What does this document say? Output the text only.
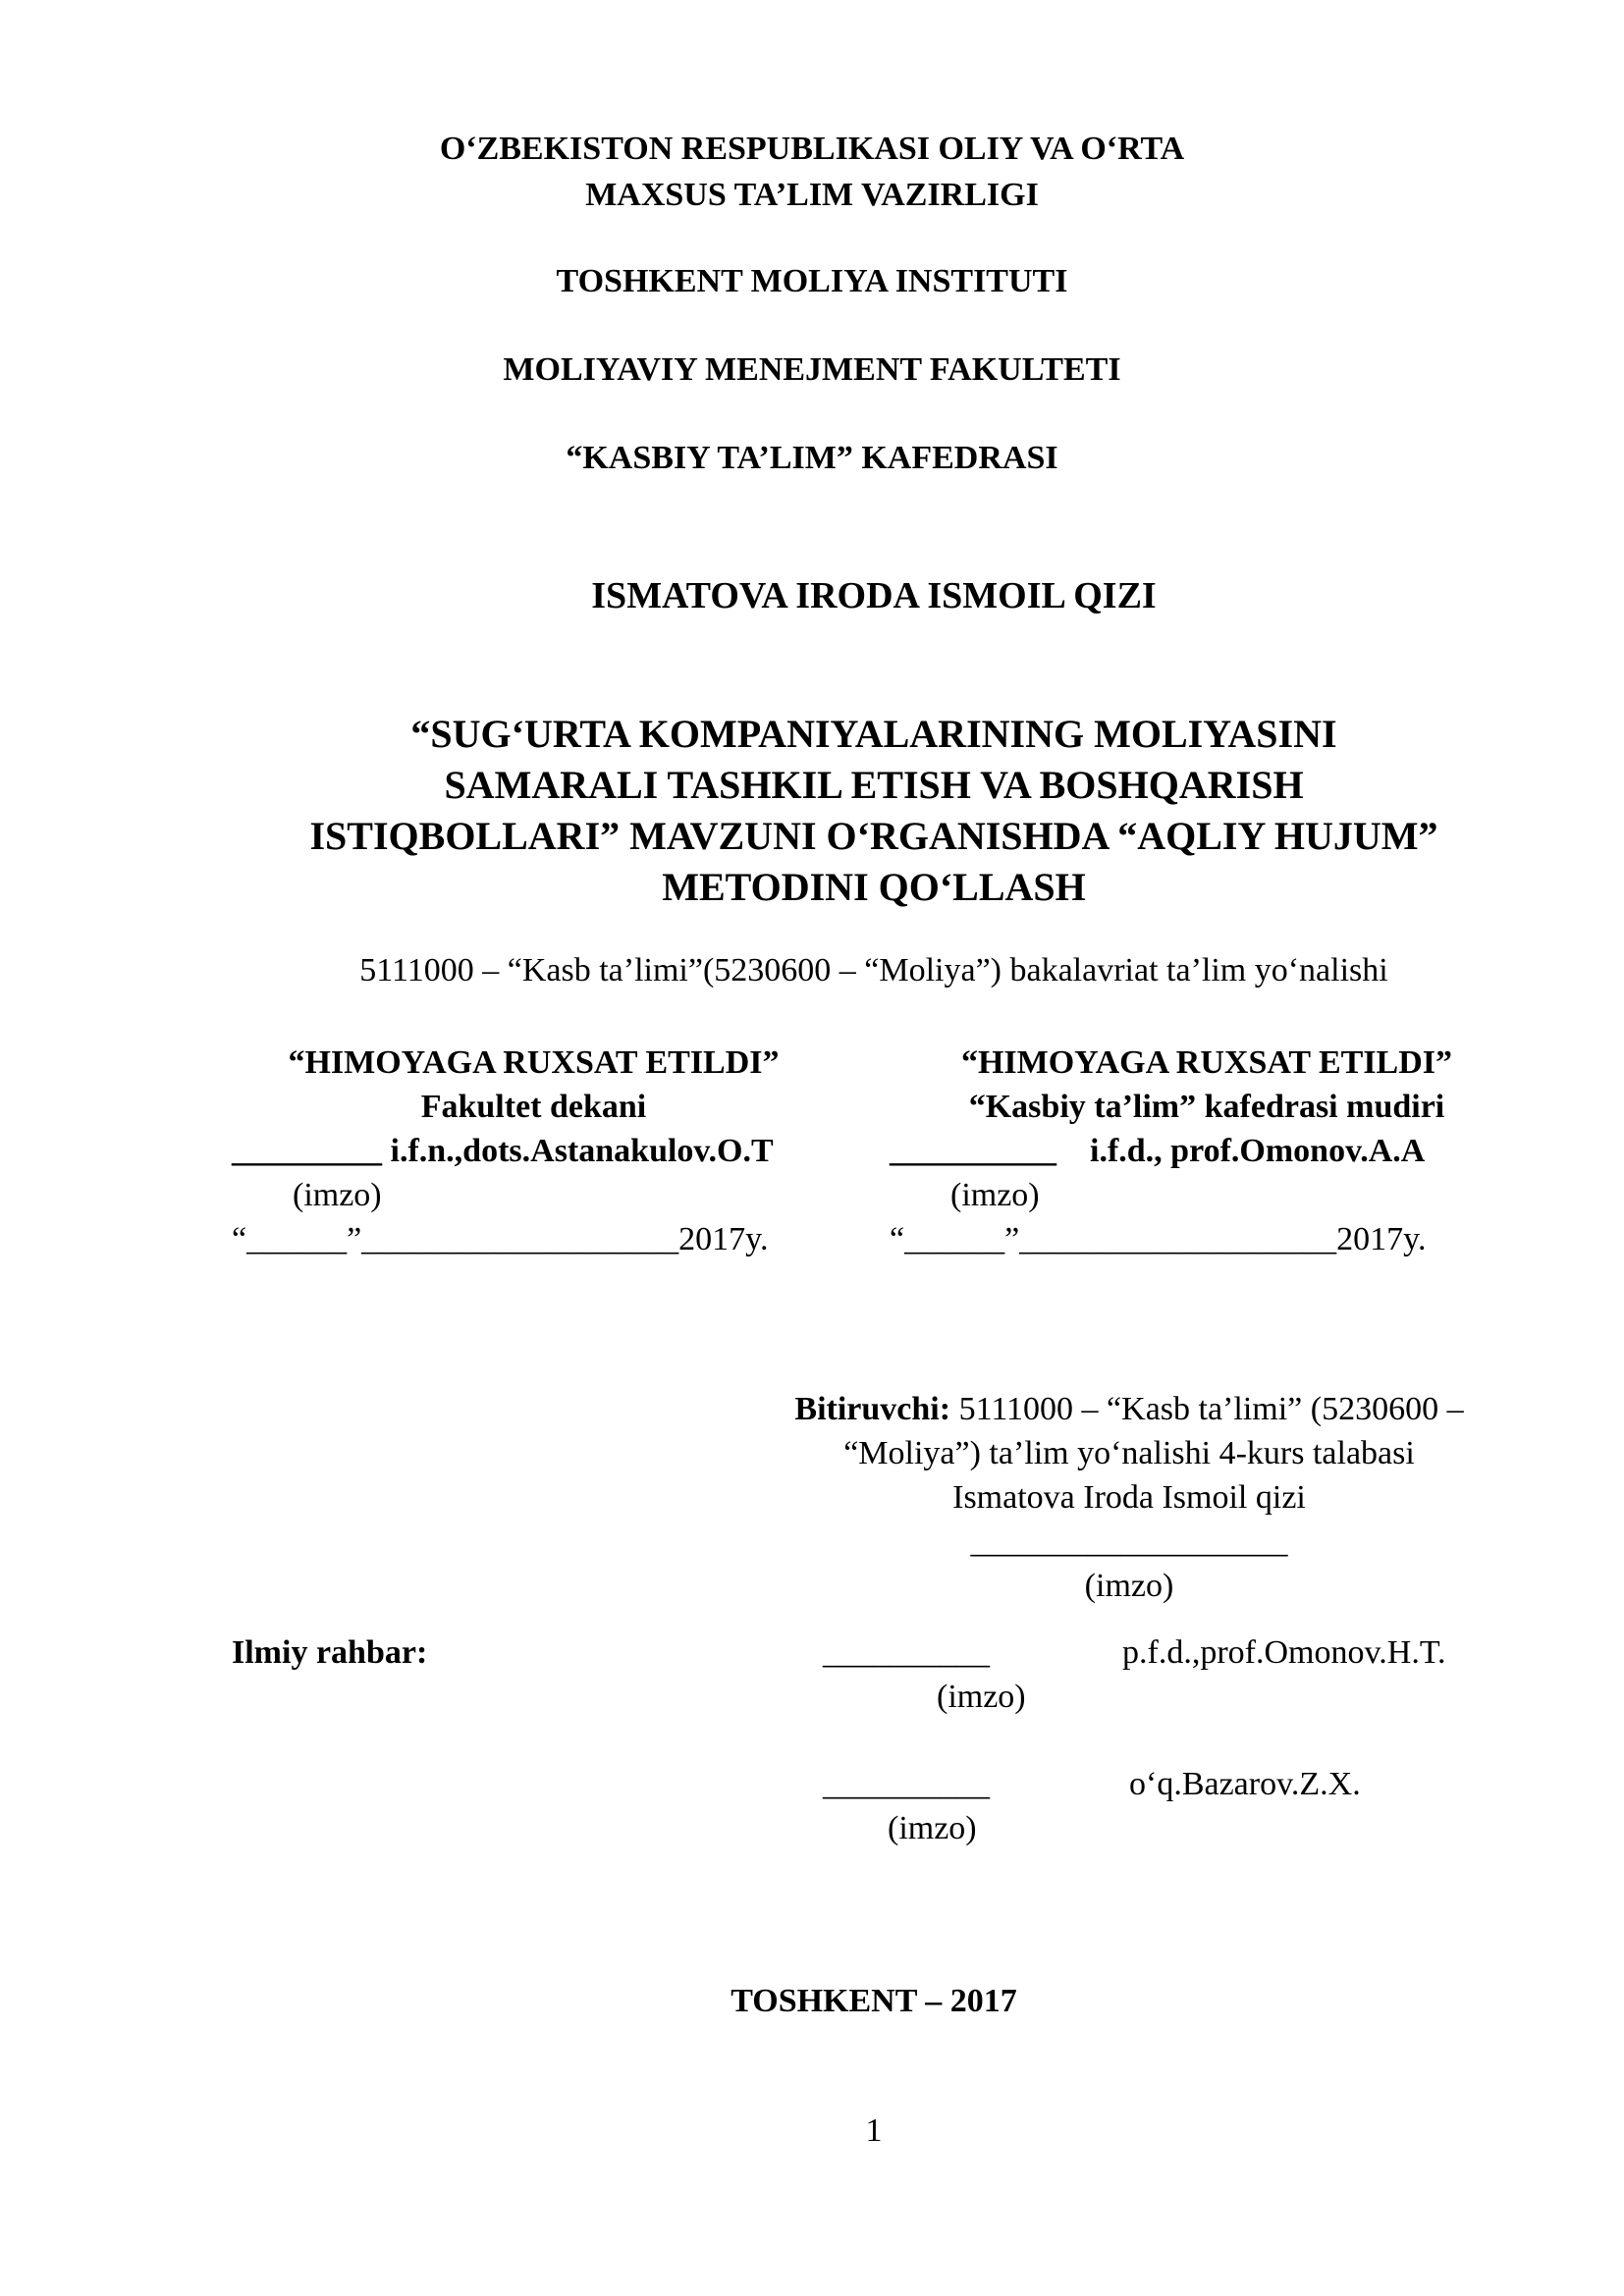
O‘ZBEKISTON RESPUBLIKASI OLIY VA O‘RTA
MAXSUS TA’LIM VAZIRLIGI
TOSHKENT MOLIYA INSTITUTI
MOLIYAVIY MENEJMENT FAKULTETI
“KASBIY TA’LIM” KAFEDRASI
ISMATOVA IRODA ISMOIL QIZI
“SUG‘URTA KOMPANIYALARINING MOLIYASINI
SAMARALI TASHKIL ETISH VA BOSHQARISH
ISTIQBOLLARI” MAVZUNI O‘RGANISHDA “AQLIY HUJUM”
METODINI QO‘LLASH
5111000 – “Kasb ta’limi”(5230600 – “Moliya”) bakalavriat ta’lim yo‘nalishi
“HIMOYAGA RUXSAT ETILDI”
Fakultet dekani
_________ i.f.n.,dots.Astanakulov.O.T
(imzo)
“______”___________________2017y.
“HIMOYAGA RUXSAT ETILDI”
“Kasbiy ta’lim” kafedrasi mudiri
__________    i.f.d., prof.Omonov.A.A
(imzo)
“______”___________________2017y.
Bitiruvchi: 5111000 – “Kasb ta’limi” (5230600 –
“Moliya”) ta’lim yo‘nalishi 4-kurs talabasi
Ismatova Iroda Ismoil qizi
___________________
(imzo)
Ilmiy rahbar:	__________	p.f.d.,prof.Omonov.H.T.
(imzo)
__________	o‘q.Bazarov.Z.X.
(imzo)
TOSHKENT – 2017
1
